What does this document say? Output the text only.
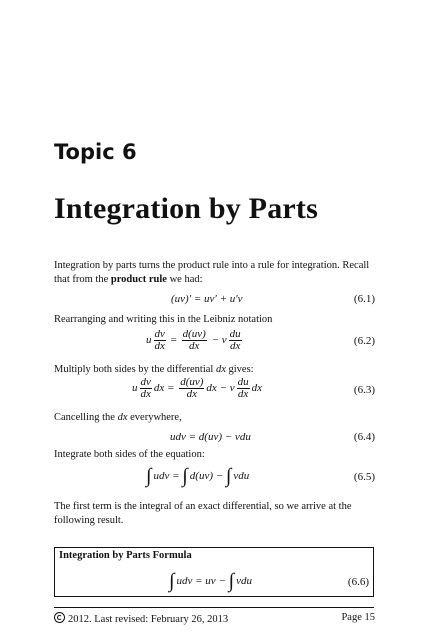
Topic 6
Integration by Parts
Integration by parts turns the product rule into a rule for integration. Recall
that from the product rule we had:
(uv)′ = uv′ + u′v	(6.1)
Rearranging and writing this in the Leibniz notation
u $\frac{dv}{dx} = \frac{d(uv)}{dx} - v \frac{du}{dx}$	(6.2)
Multiply both sides by the differential dx gives:
u $\frac{dv}{dx}$ dx = $\frac{d(uv)}{dx}$ dx − v $\frac{du}{dx}$ dx	(6.3)
Cancelling the dx everywhere,
udv = d(uv) − vdu	(6.4)
Integrate both sides of the equation:
∫ udv = ∫ d(uv) − ∫ vdu	(6.5)
The first term is the integral of an exact differential, so we arrive at the
following result.
Integration by Parts Formula
∫ udv = uv − ∫ vdu	(6.6)
2012. Last revised: February 26, 2013	Page 15
